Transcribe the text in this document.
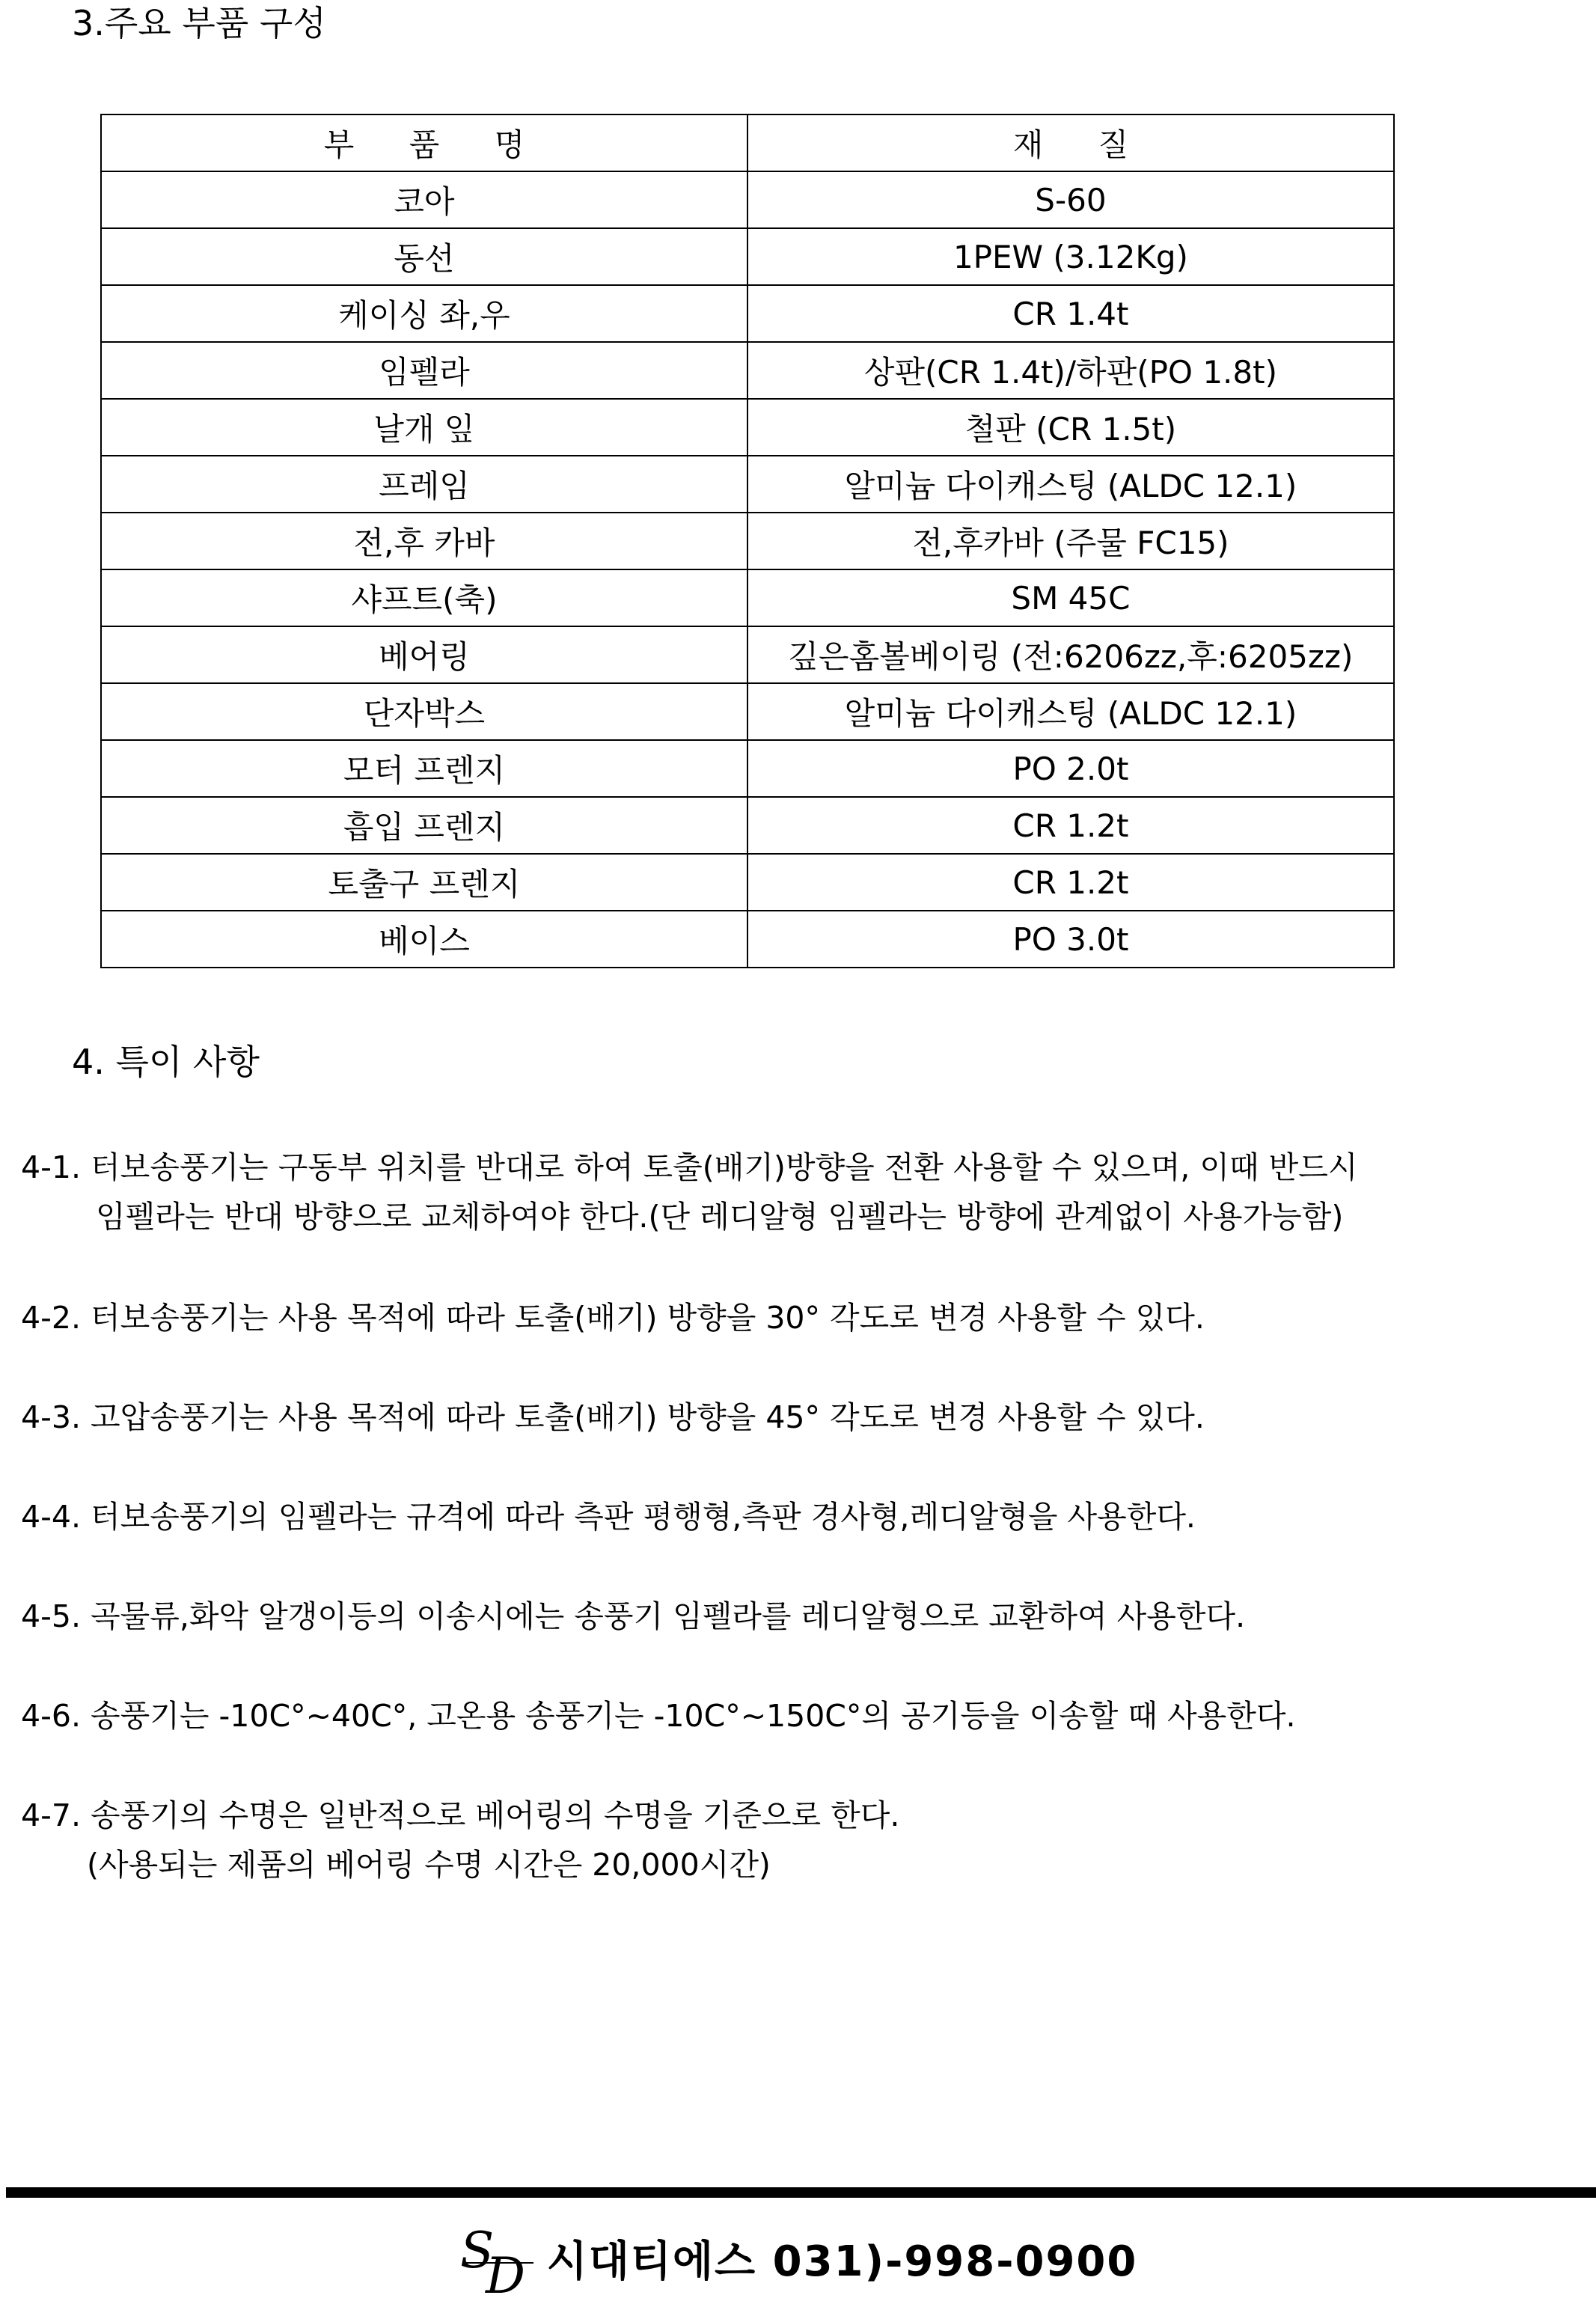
3.주요 부품 구성
부 품 명	재 질
코아	S-60
동선	1PEW (3.12Kg)
케이싱 좌,우	CR 1.4t
임펠라	상판(CR 1.4t)/하판(PO 1.8t)
날개 잎	철판 (CR 1.5t)
프레임	알미늄 다이캐스팅 (ALDC 12.1)
전,후 카바	전,후카바 (주물 FC15)
샤프트(축)	SM 45C
베어링	깊은홈볼베이링 (전:6206zz,후:6205zz)
단자박스	알미늄 다이캐스팅 (ALDC 12.1)
모터 프렌지	PO 2.0t
흡입 프렌지	CR 1.2t
토출구 프렌지	CR 1.2t
베이스	PO 3.0t
4. 특이 사항
4-1. 터보송풍기는 구동부 위치를 반대로 하여 토출(배기)방향을 전환 사용할 수 있으며, 이때 반드시
임펠라는 반대 방향으로 교체하여야 한다.(단 레디알형 임펠라는 방향에 관계없이 사용가능함)
4-2. 터보송풍기는 사용 목적에 따라 토출(배기) 방향을 30° 각도로 변경 사용할 수 있다.
4-3. 고압송풍기는 사용 목적에 따라 토출(배기) 방향을 45° 각도로 변경 사용할 수 있다.
4-4. 터보송풍기의 임펠라는 규격에 따라 측판 평행형,측판 경사형,레디알형을 사용한다.
4-5. 곡물류,화악 알갱이등의 이송시에는 송풍기 임펠라를 레디알형으로 교환하여 사용한다.
4-6. 송풍기는 -10C°~40C°, 고온용 송풍기는 -10C°~150C°의 공기등을 이송할 때 사용한다.
4-7. 송풍기의 수명은 일반적으로 베어링의 수명을 기준으로 한다.
(사용되는 제품의 베어링 수명 시간은 20,000시간)
S
D 시대티에스 031)-998-0900
